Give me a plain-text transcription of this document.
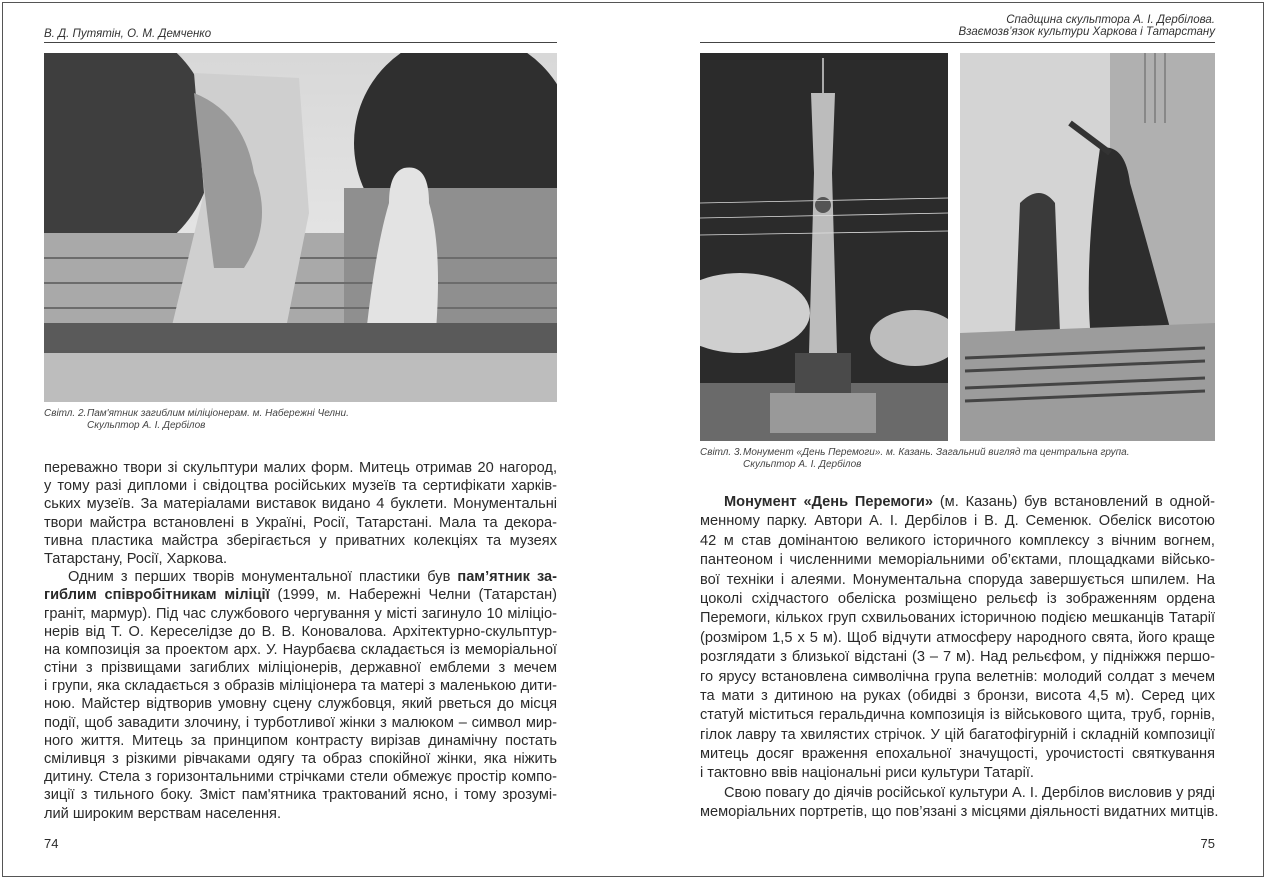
В. Д. Путятін, О. М. Демченко
Світл. 2.Пам'ятник загиблим міліціонерам. м. Набережні Челни.
Скульптор А. І. Дербілов
переважно твори зі скульптури малих форм. Митець отримав 20 нагород,
у тому разі дипломи і свідоцтва російських музеїв та сертифікати харків-
ських музеїв. За матеріалами виставок видано 4 буклети. Монументальні
твори майстра встановлені в Україні, Росії, Татарстані. Мала та декора-
тивна пластика майстра зберігається у приватних колекціях та музеях
Татарстану, Росії, Харкова.
Одним з перших творів монументальної пластики був пам’ятник за-
гиблим співробітникам міліції (1999, м. Набережні Челни (Татарстан)
граніт, мармур). Під час службового чергування у місті загинуло 10 міліціо-
нерів від Т. О. Кереселідзе до В. В. Коновалова. Архітектурно-скульптур-
на композиція за проектом арх. У. Наурбаєва складається із меморіальної
стіни з прізвищами загиблих міліціонерів, державної емблеми з мечем
і групи, яка складається з образів міліціонера та матері з маленькою дити-
ною. Майстер відтворив умовну сцену службовця, який рветься до місця
події, щоб завадити злочину, і турботливої жінки з малюком – символ мир-
ного життя. Митець за принципом контрасту вирізав динамічну постать
сміливця з різкими рівчаками одягу та образ спокійної жінки, яка ніжить
дитину. Стела з горизонтальними стрічками стели обмежує простір компо-
зиції з тильного боку. Зміст пам'ятника трактований ясно, і тому зрозумі-
лий широким верствам населення.
74
Спадщина скульптора А. І. Дербілова.
Взаємозв’язок культури Харкова і Татарстану
Світл. 3.Монумент «День Перемоги». м. Казань. Загальний вигляд та центральна група.
Скульптор А. І. Дербілов
Монумент «День Перемоги» (м. Казань) був встановлений в одной-
менному парку. Автори А. І. Дербілов і В. Д. Семенюк. Обеліск висотою
42 м став домінантою великого історичного комплексу з вічним вогнем,
пантеоном і численними меморіальними об’єктами, площадками військо-
вої техніки і алеями. Монументальна споруда завершується шпилем. На
цоколі східчастого обеліска розміщено рельєф із зображенням ордена
Перемоги, кількох груп схвильованих історичною подією мешканців Татарії
(розміром 1,5 х 5 м). Щоб відчути атмосферу народного свята, його краще
розглядати з близької відстані (3 – 7 м). Над рельєфом, у підніжжя першо-
го ярусу встановлена символічна група велетнів: молодий солдат з мечем
та мати з дитиною на руках (обидві з бронзи, висота 4,5 м). Серед цих
статуй міститься геральдична композиція із військового щита, труб, горнів,
гілок лавру та хвилястих стрічок. У цій багатофігурній і складній композиції
митець досяг враження епохальної значущості, урочистості святкування
і тактовно ввів національні риси культури Татарії.
Свою повагу до діячів російської культури А. І. Дербілов висловив у ряді
меморіальних портретів, що пов’язані з місцями діяльності видатних митців.
75
